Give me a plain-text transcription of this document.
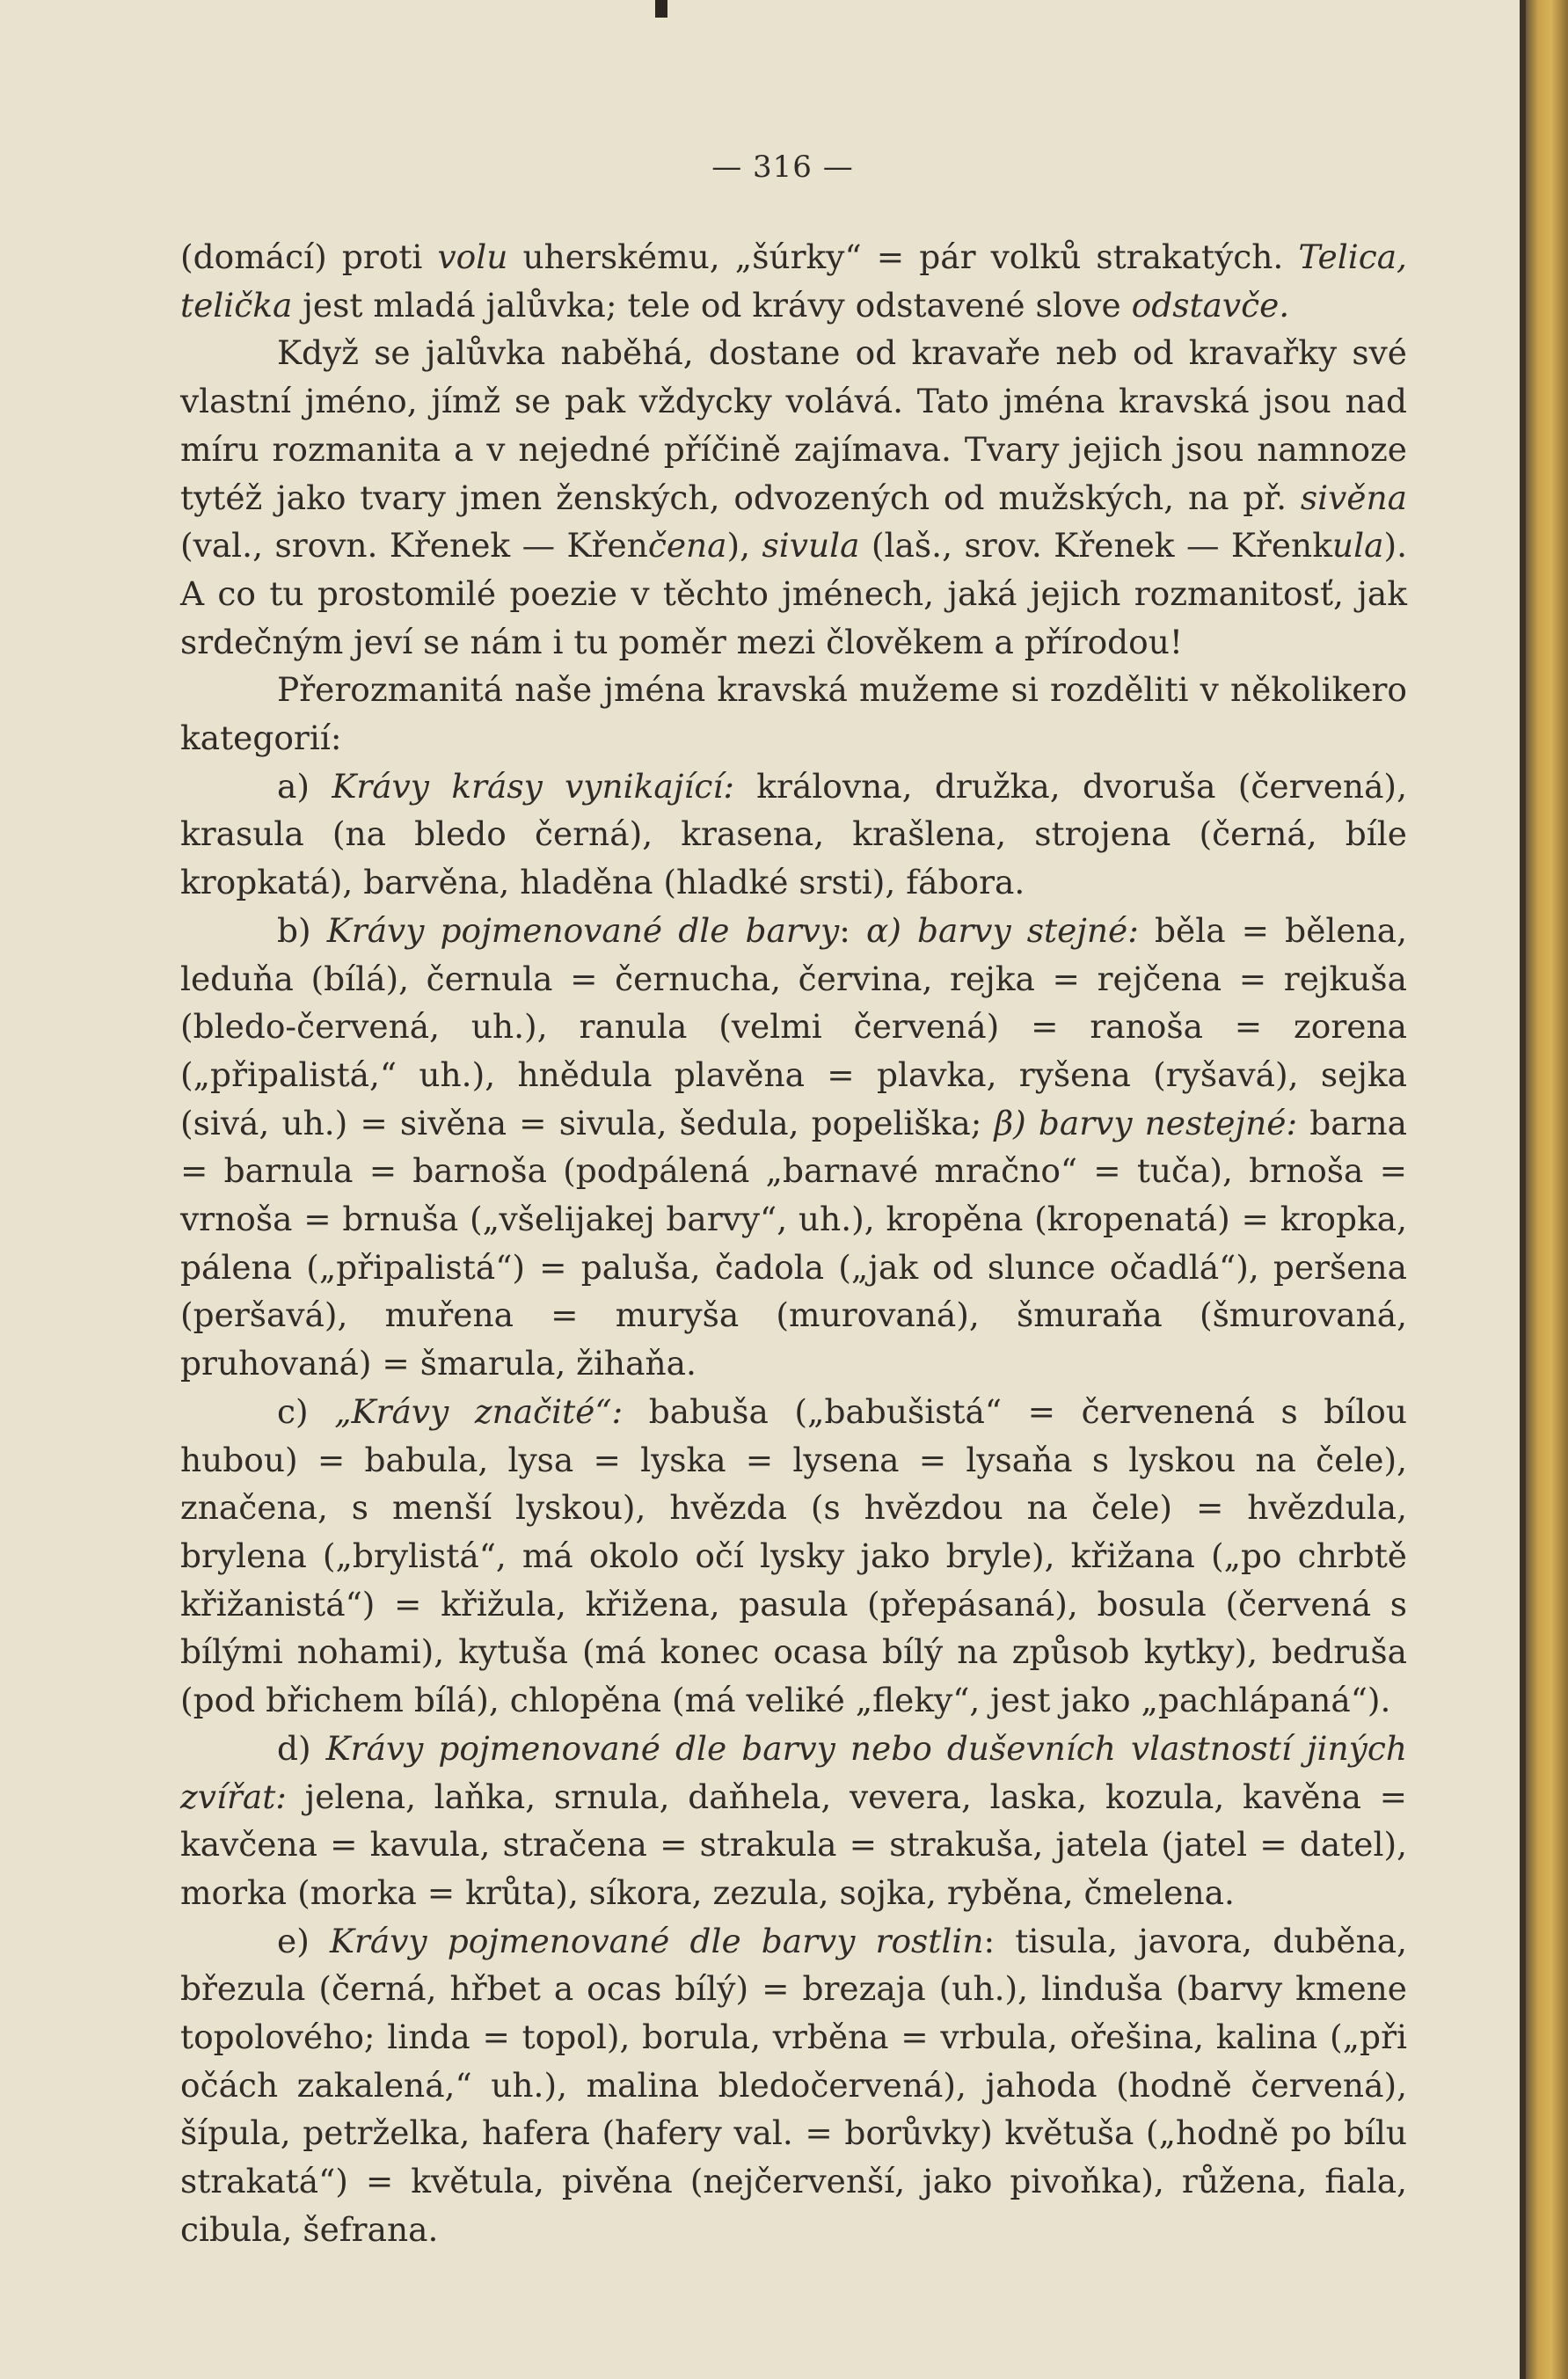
— 316 —

(domácí) proti volu uherskému, „šúrky“ = pár volků strakatých. Telica, telička jest mladá jalůvka; tele od krávy odstavené slove odstavče.

Když se jalůvka naběhá, dostane od kravaře neb od kravařky své vlastní jméno, jímž se pak vždycky volává. Tato jména kravská jsou nad míru rozmanita a v nejedné příčině zajímava. Tvary jejich jsou namnoze tytéž jako tvary jmen ženských, odvozených od mužských, na př. sivěna (val., srovn. Křenek — Křenčena), sivula (laš., srov. Křenek — Křenkula). A co tu prostomilé poezie v těchto jménech, jaká jejich rozmanitosť, jak srdečným jeví se nám i tu poměr mezi člověkem a přírodou!

Přerozmanitá naše jména kravská mužeme si rozděliti v několikero kategorií:

a) Krávy krásy vynikající: královna, družka, dvoruša (červená), krasula (na bledo černá), krasena, krašlena, strojena (černá, bíle kropkatá), barvěna, hladěna (hladké srsti), fábora.

b) Krávy pojmenované dle barvy: α) barvy stejné: běla = bělena, leduňa (bílá), černula = černucha, červina, rejka = rejčena = rejkuša (bledo-červená, uh.), ranula (velmi červená) = ranoša = zorena („připalistá,“ uh.), hnědula plavěna = plavka, ryšena (ryšavá), sejka (sivá, uh.) = sivěna = sivula, šedula, popeliška; β) barvy nestejné: barna = barnula = barnoša (podpálená „barnavé mračno“ = tuča), brnoša = vrnoša = brnuša („všelijakej barvy“, uh.), kropěna (kropenatá) = kropka, pálena („připalistá“) = paluša, čadola („jak od slunce očadlá“), peršena (peršavá), muřena = muryša (murovaná), šmuraňa (šmurovaná, pruhovaná) = šmarula, žihaňa.

c) „Krávy značité“: babuša („babušistá“ = červenená s bílou hubou) = babula, lysa = lyska = lysena = lysaňa s lyskou na čele), značena, s menší lyskou), hvězda (s hvězdou na čele) = hvězdula, brylena („brylistá“, má okolo očí lysky jako bryle), křižana („po chrbtě křižanistá“) = křižula, křižena, pasula (přepásaná), bosula (červená s bílými nohami), kytuša (má konec ocasa bílý na způsob kytky), bedruša (pod břichem bílá), chlopěna (má veliké „fleky“, jest jako „pachlápaná“).

d) Krávy pojmenované dle barvy nebo duševních vlastností jiných zvířat: jelena, laňka, srnula, daňhela, vevera, laska, kozula, kavěna = kavčena = kavula, stračena = strakula = strakuša, jatela (jatel = datel), morka (morka = krůta), síkora, zezula, sojka, ryběna, čmelena.

e) Krávy pojmenované dle barvy rostlin: tisula, javora, duběna, březula (černá, hřbet a ocas bílý) = brezaja (uh.), linduša (barvy kmene topolového; linda = topol), borula, vrběna = vrbula, ořešina, kalina („při očách zakalená,“ uh.), malina bledočervená), jahoda (hodně červená), šípula, petrželka, hafera (hafery val. = borůvky) květuša („hodně po bílu strakatá“) = květula, pivěna (nejčervenší, jako pivoňka), růžena, fiala, cibula, šefrana.
